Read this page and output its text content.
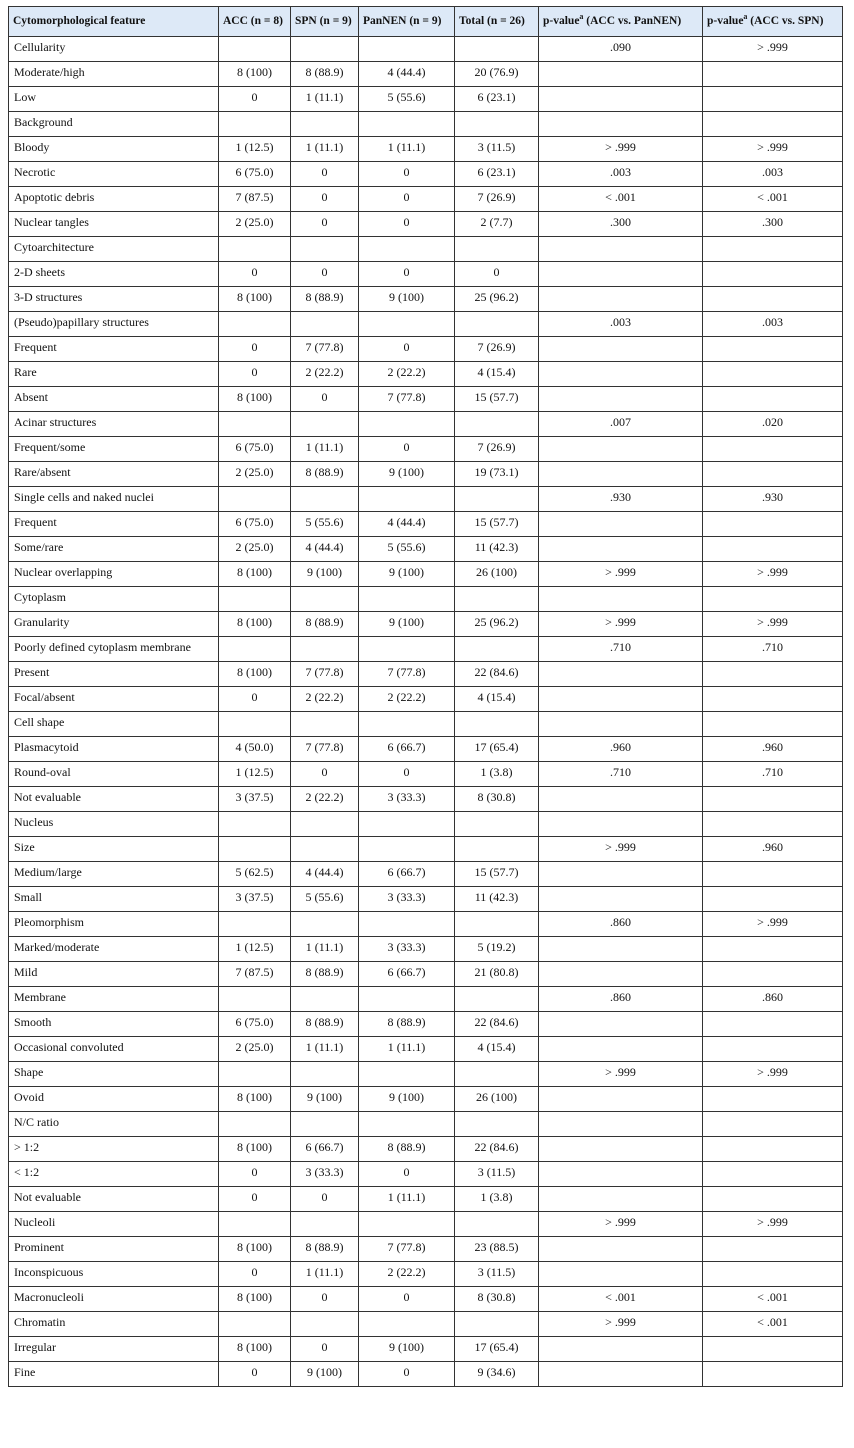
Cytomorphological feature	ACC (n = 8)	SPN (n = 9)	PanNEN (n = 9)	Total (n = 26)	p-value$^a$ (ACC vs. PanNEN)	p-value$^a$ (ACC vs. SPN)
Cellularity					.090	> .999
Moderate/high	8 (100)	8 (88.9)	4 (44.4)	20 (76.9)		
Low	0	1 (11.1)	5 (55.6)	6 (23.1)		
Background						
Bloody	1 (12.5)	1 (11.1)	1 (11.1)	3 (11.5)	> .999	> .999
Necrotic	6 (75.0)	0	0	6 (23.1)	.003	.003
Apoptotic debris	7 (87.5)	0	0	7 (26.9)	< .001	< .001
Nuclear tangles	2 (25.0)	0	0	2 (7.7)	.300	.300
Cytoarchitecture						
2-D sheets	0	0	0	0		
3-D structures	8 (100)	8 (88.9)	9 (100)	25 (96.2)		
(Pseudo)papillary structures					.003	.003
Frequent	0	7 (77.8)	0	7 (26.9)		
Rare	0	2 (22.2)	2 (22.2)	4 (15.4)		
Absent	8 (100)	0	7 (77.8)	15 (57.7)		
Acinar structures					.007	.020
Frequent/some	6 (75.0)	1 (11.1)	0	7 (26.9)		
Rare/absent	2 (25.0)	8 (88.9)	9 (100)	19 (73.1)		
Single cells and naked nuclei					.930	.930
Frequent	6 (75.0)	5 (55.6)	4 (44.4)	15 (57.7)		
Some/rare	2 (25.0)	4 (44.4)	5 (55.6)	11 (42.3)		
Nuclear overlapping	8 (100)	9 (100)	9 (100)	26 (100)	> .999	> .999
Cytoplasm						
Granularity	8 (100)	8 (88.9)	9 (100)	25 (96.2)	> .999	> .999
Poorly defined cytoplasm membrane					.710	.710
Present	8 (100)	7 (77.8)	7 (77.8)	22 (84.6)		
Focal/absent	0	2 (22.2)	2 (22.2)	4 (15.4)		
Cell shape						
Plasmacytoid	4 (50.0)	7 (77.8)	6 (66.7)	17 (65.4)	.960	.960
Round-oval	1 (12.5)	0	0	1 (3.8)	.710	.710
Not evaluable	3 (37.5)	2 (22.2)	3 (33.3)	8 (30.8)		
Nucleus						
Size					> .999	.960
Medium/large	5 (62.5)	4 (44.4)	6 (66.7)	15 (57.7)		
Small	3 (37.5)	5 (55.6)	3 (33.3)	11 (42.3)		
Pleomorphism					.860	> .999
Marked/moderate	1 (12.5)	1 (11.1)	3 (33.3)	5 (19.2)		
Mild	7 (87.5)	8 (88.9)	6 (66.7)	21 (80.8)		
Membrane					.860	.860
Smooth	6 (75.0)	8 (88.9)	8 (88.9)	22 (84.6)		
Occasional convoluted	2 (25.0)	1 (11.1)	1 (11.1)	4 (15.4)		
Shape					> .999	> .999
Ovoid	8 (100)	9 (100)	9 (100)	26 (100)		
N/C ratio						
> 1:2	8 (100)	6 (66.7)	8 (88.9)	22 (84.6)		
< 1:2	0	3 (33.3)	0	3 (11.5)		
Not evaluable	0	0	1 (11.1)	1 (3.8)		
Nucleoli					> .999	> .999
Prominent	8 (100)	8 (88.9)	7 (77.8)	23 (88.5)		
Inconspicuous	0	1 (11.1)	2 (22.2)	3 (11.5)		
Macronucleoli	8 (100)	0	0	8 (30.8)	< .001	< .001
Chromatin					> .999	< .001
Irregular	8 (100)	0	9 (100)	17 (65.4)		
Fine	0	9 (100)	0	9 (34.6)		
